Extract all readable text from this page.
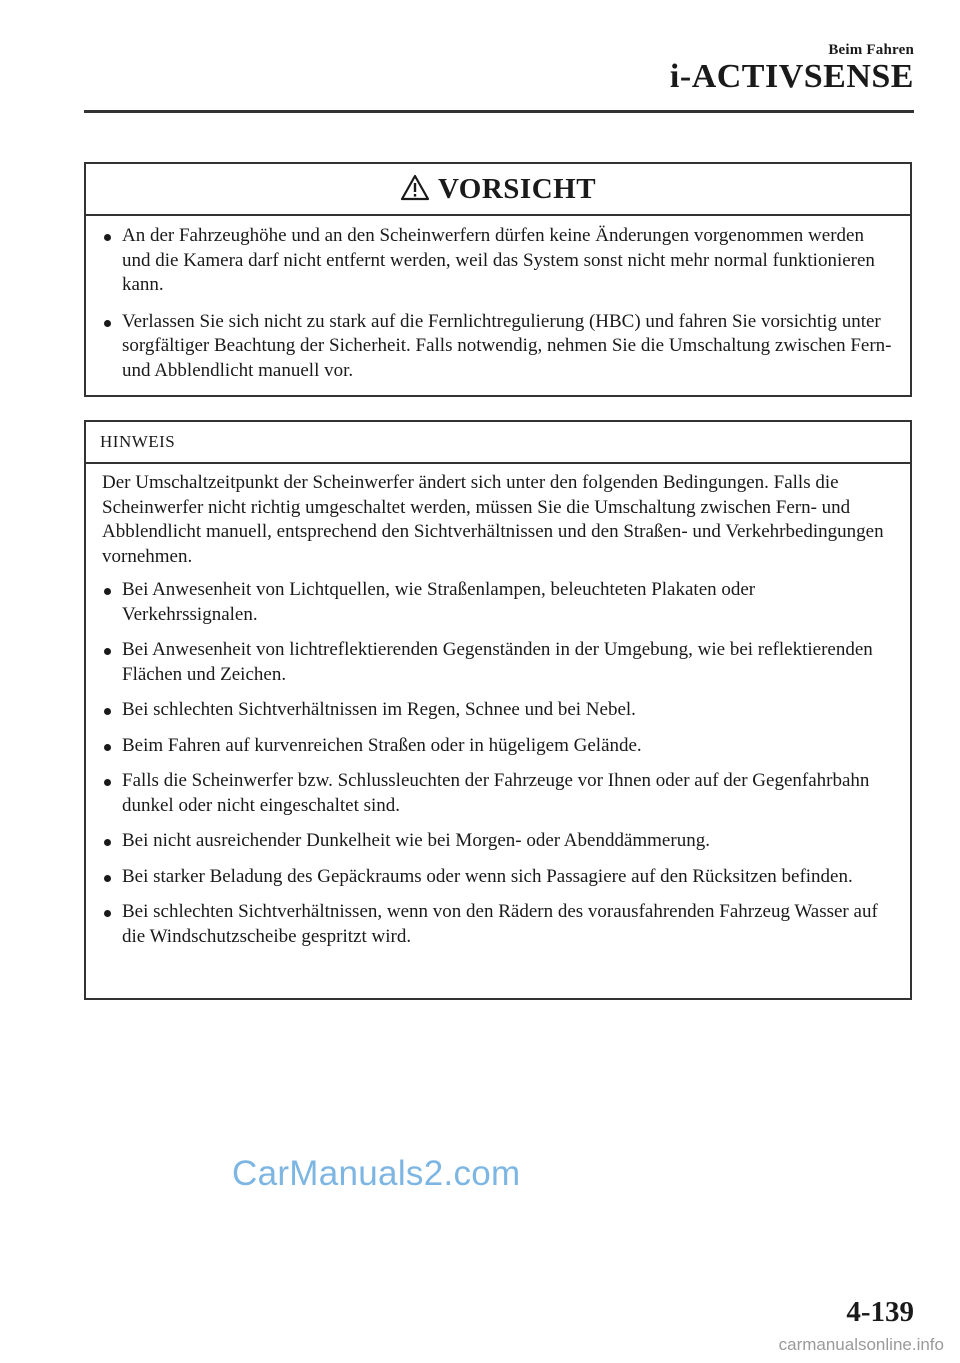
Beim Fahren
i-ACTIVSENSE
VORSICHT
An der Fahrzeughöhe und an den Scheinwerfern dürfen keine Änderungen vorgenommen werden und die Kamera darf nicht entfernt werden, weil das System sonst nicht mehr normal funktionieren kann.
Verlassen Sie sich nicht zu stark auf die Fernlichtregulierung (HBC) und fahren Sie vorsichtig unter sorgfältiger Beachtung der Sicherheit. Falls notwendig, nehmen Sie die Umschaltung zwischen Fern- und Abblendlicht manuell vor.
HINWEIS

Der Umschaltzeitpunkt der Scheinwerfer ändert sich unter den folgenden Bedingungen. Falls die Scheinwerfer nicht richtig umgeschaltet werden, müssen Sie die Umschaltung zwischen Fern- und Abblendlicht manuell, entsprechend den Sichtverhältnissen und den Straßen- und Verkehrbedingungen vornehmen.

Bei Anwesenheit von Lichtquellen, wie Straßenlampen, beleuchteten Plakaten oder Verkehrssignalen.
Bei Anwesenheit von lichtreflektierenden Gegenständen in der Umgebung, wie bei reflektierenden Flächen und Zeichen.
Bei schlechten Sichtverhältnissen im Regen, Schnee und bei Nebel.
Beim Fahren auf kurvenreichen Straßen oder in hügeligem Gelände.
Falls die Scheinwerfer bzw. Schlussleuchten der Fahrzeuge vor Ihnen oder auf der Gegenfahrbahn dunkel oder nicht eingeschaltet sind.
Bei nicht ausreichender Dunkelheit wie bei Morgen- oder Abenddämmerung.
Bei starker Beladung des Gepäckraums oder wenn sich Passagiere auf den Rücksitzen befinden.
Bei schlechten Sichtverhältnissen, wenn von den Rädern des vorausfahrenden Fahrzeug Wasser auf die Windschutzscheibe gespritzt wird.
CarManuals2.com
4-139
carmanualsonline.info
